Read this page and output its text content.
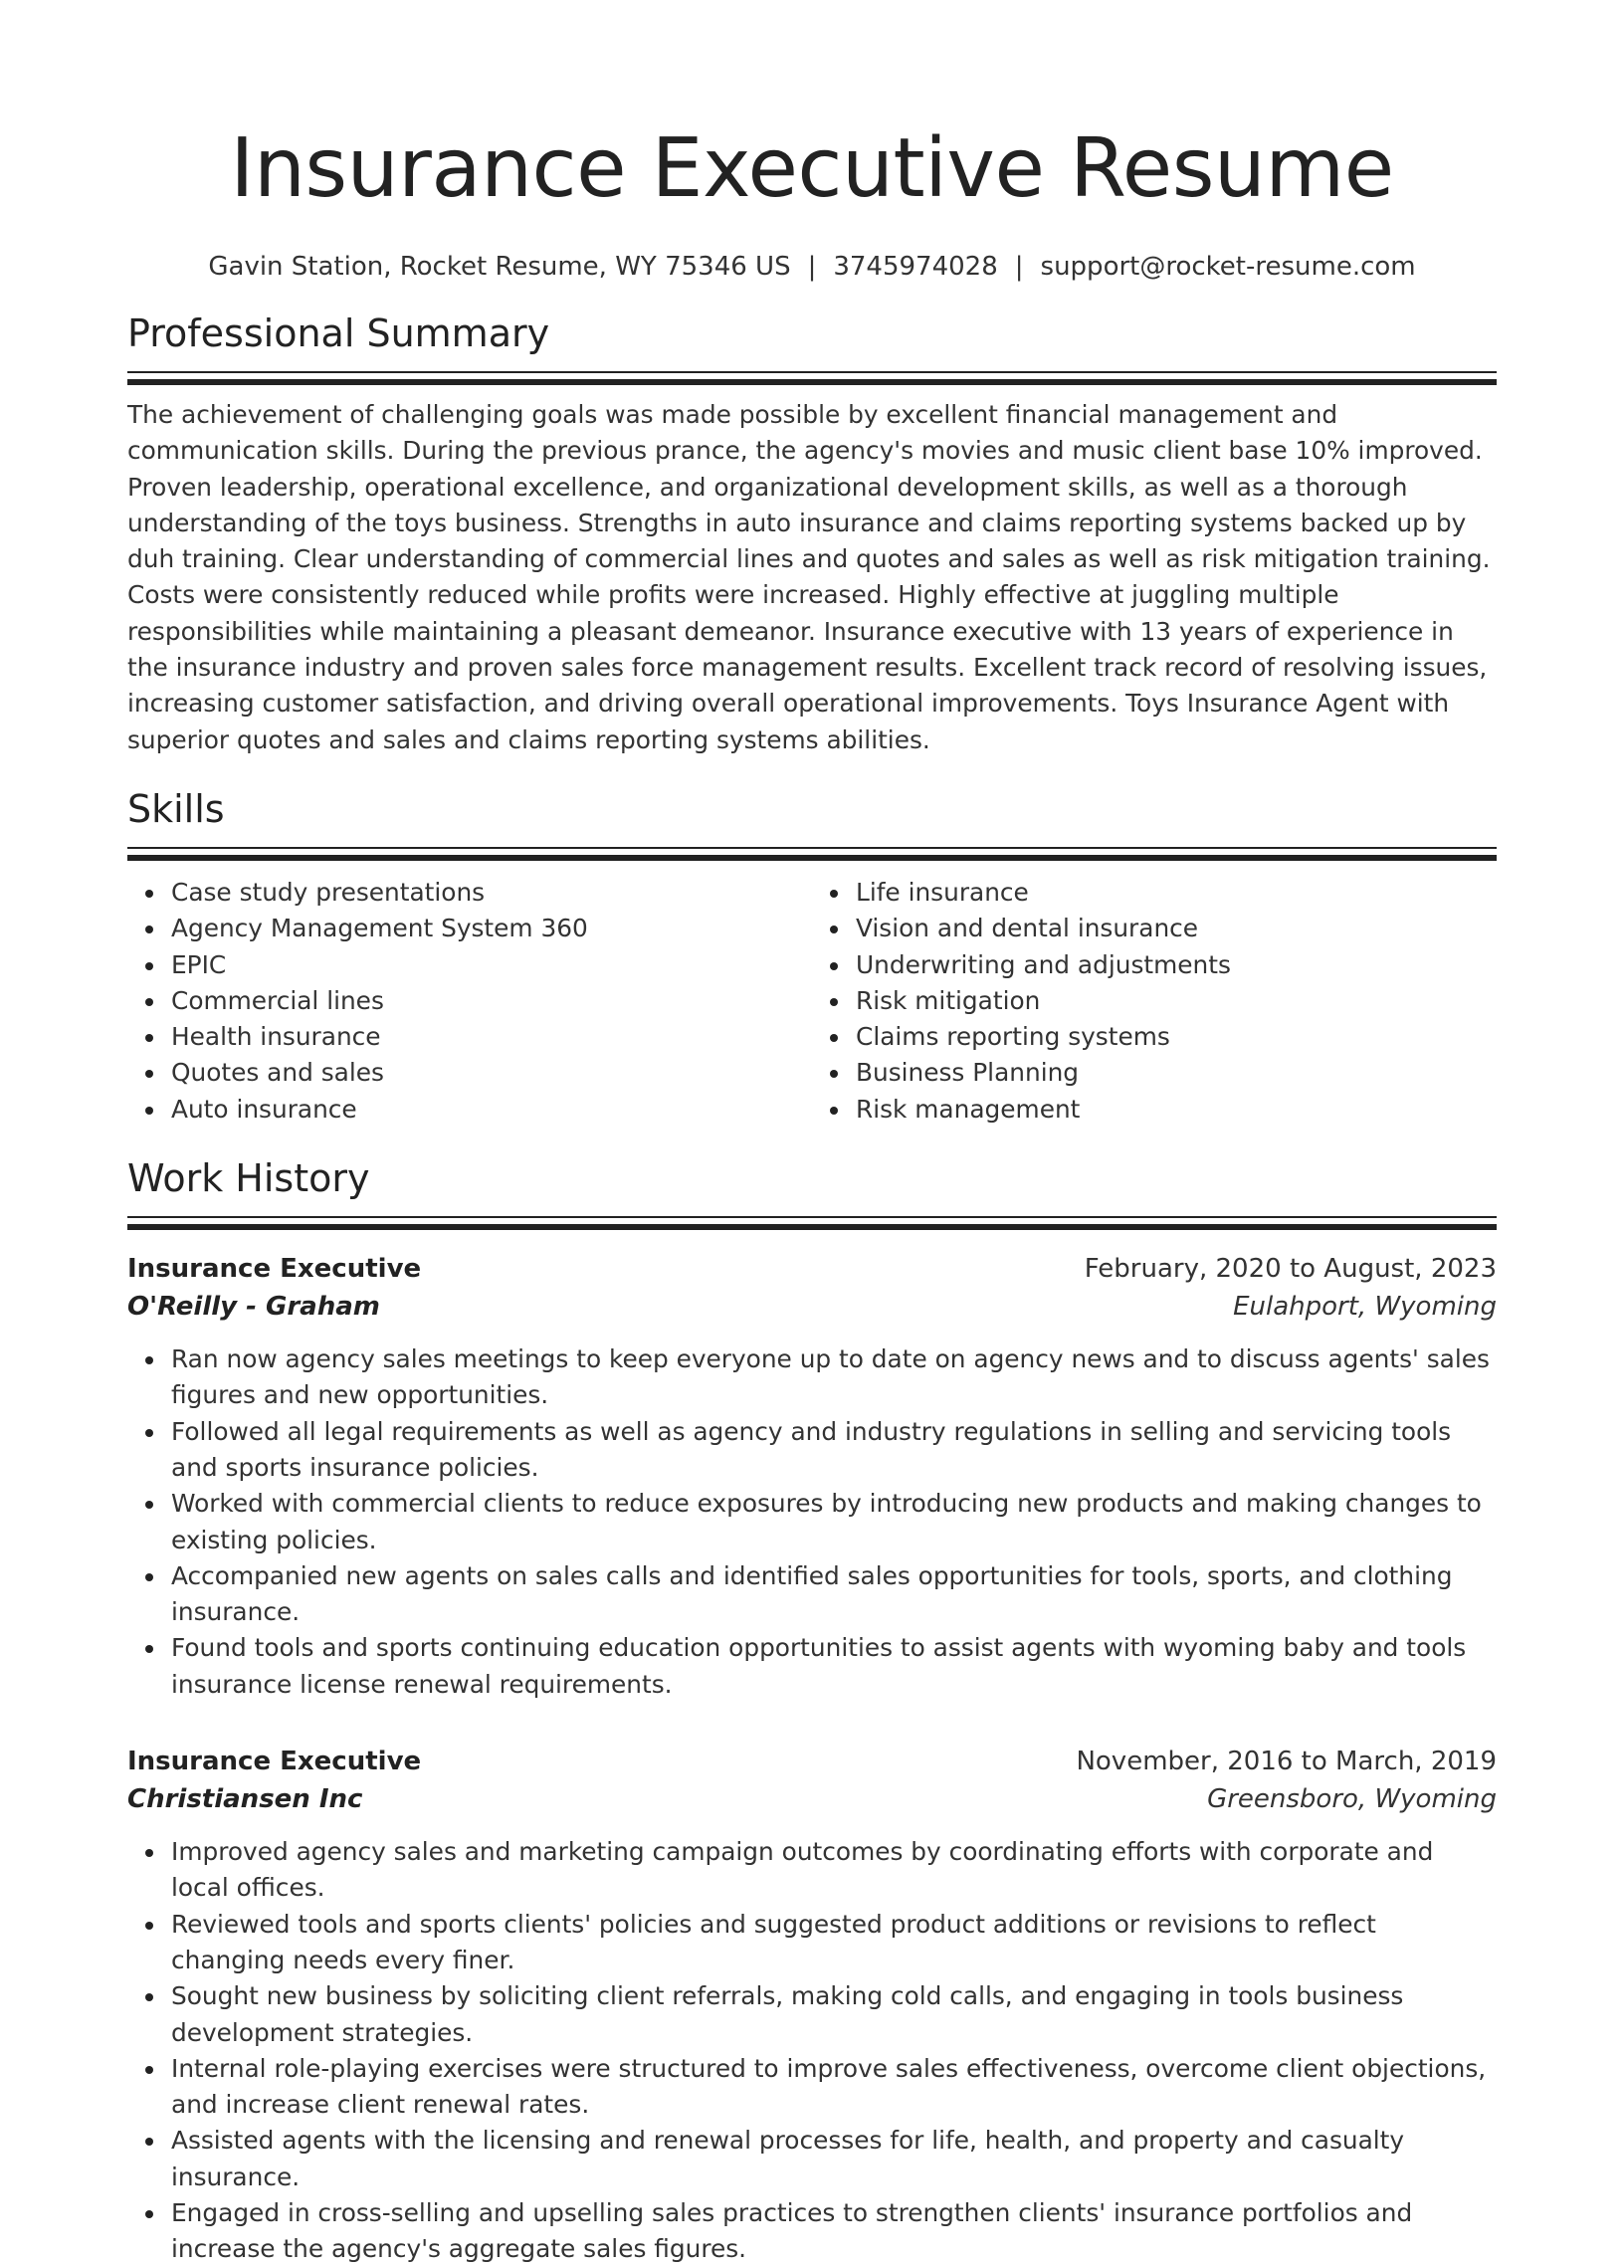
Insurance Executive Resume
Gavin Station, Rocket Resume, WY 75346 US | 3745974028 | support@rocket-resume.com
Professional Summary

The achievement of challenging goals was made possible by excellent financial management and communication skills. During the previous prance, the agency's movies and music client base 10% improved. Proven leadership, operational excellence, and organizational development skills, as well as a thorough understanding of the toys business. Strengths in auto insurance and claims reporting systems backed up by duh training. Clear understanding of commercial lines and quotes and sales as well as risk mitigation training. Costs were consistently reduced while profits were increased. Highly effective at juggling multiple responsibilities while maintaining a pleasant demeanor. Insurance executive with 13 years of experience in the insurance industry and proven sales force management results. Excellent track record of resolving issues, increasing customer satisfaction, and driving overall operational improvements. Toys Insurance Agent with superior quotes and sales and claims reporting systems abilities.

Skills
Case study presentations
Agency Management System 360
EPIC
Commercial lines
Health insurance
Quotes and sales
Auto insurance
Life insurance
Vision and dental insurance
Underwriting and adjustments
Risk mitigation
Claims reporting systems
Business Planning
Risk management
Work History
Insurance Executive	February, 2020 to August, 2023
O'Reilly - Graham	Eulahport, Wyoming
Ran now agency sales meetings to keep everyone up to date on agency news and to discuss agents' sales figures and new opportunities.
Followed all legal requirements as well as agency and industry regulations in selling and servicing tools and sports insurance policies.
Worked with commercial clients to reduce exposures by introducing new products and making changes to existing policies.
Accompanied new agents on sales calls and identified sales opportunities for tools, sports, and clothing insurance.
Found tools and sports continuing education opportunities to assist agents with wyoming baby and tools insurance license renewal requirements.
Insurance Executive	November, 2016 to March, 2019
Christiansen Inc	Greensboro, Wyoming
Improved agency sales and marketing campaign outcomes by coordinating efforts with corporate and local offices.
Reviewed tools and sports clients' policies and suggested product additions or revisions to reflect changing needs every finer.
Sought new business by soliciting client referrals, making cold calls, and engaging in tools business development strategies.
Internal role-playing exercises were structured to improve sales effectiveness, overcome client objections, and increase client renewal rates.
Assisted agents with the licensing and renewal processes for life, health, and property and casualty insurance.
Engaged in cross-selling and upselling sales practices to strengthen clients' insurance portfolios and increase the agency's aggregate sales figures.
